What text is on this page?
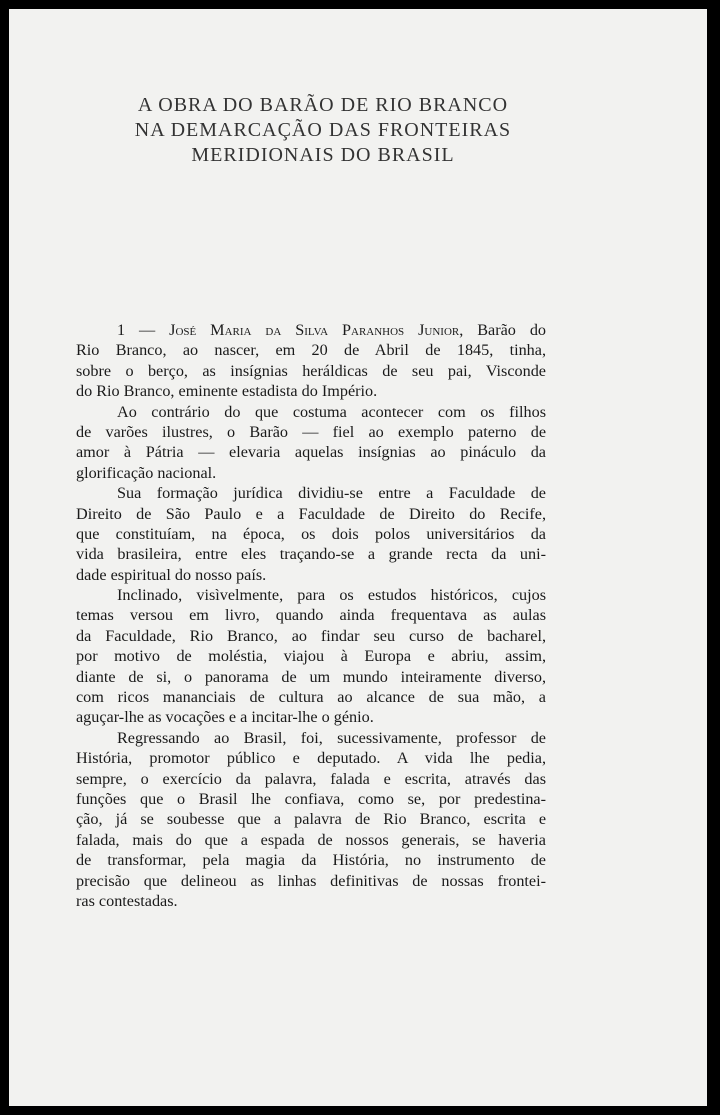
A OBRA DO BARÃO DE RIO BRANCO
NA DEMARCAÇÃO DAS FRONTEIRAS
MERIDIONAIS DO BRASIL
1 — José Maria da Silva Paranhos Junior, Barão do
Rio Branco, ao nascer, em 20 de Abril de 1845, tinha,
sobre o berço, as insígnias heráldicas de seu pai, Visconde
do Rio Branco, eminente estadista do Império.
Ao contrário do que costuma acontecer com os filhos
de varões ilustres, o Barão — fiel ao exemplo paterno de
amor à Pátria — elevaria aquelas insígnias ao pináculo da
glorificação nacional.
Sua formação jurídica dividiu-se entre a Faculdade de
Direito de São Paulo e a Faculdade de Direito do Recife,
que constituíam, na época, os dois polos universitários da
vida brasileira, entre eles traçando-se a grande recta da uni-
dade espiritual do nosso país.
Inclinado, visìvelmente, para os estudos históricos, cujos
temas versou em livro, quando ainda frequentava as aulas
da Faculdade, Rio Branco, ao findar seu curso de bacharel,
por motivo de moléstia, viajou à Europa e abriu, assim,
diante de si, o panorama de um mundo inteiramente diverso,
com ricos mananciais de cultura ao alcance de sua mão, a
aguçar-lhe as vocações e a incitar-lhe o génio.
Regressando ao Brasil, foi, sucessivamente, professor de
História, promotor público e deputado. A vida lhe pedia,
sempre, o exercício da palavra, falada e escrita, através das
funções que o Brasil lhe confiava, como se, por predestina-
ção, já se soubesse que a palavra de Rio Branco, escrita e
falada, mais do que a espada de nossos generais, se haveria
de transformar, pela magia da História, no instrumento de
precisão que delineou as linhas definitivas de nossas frontei-
ras contestadas.
